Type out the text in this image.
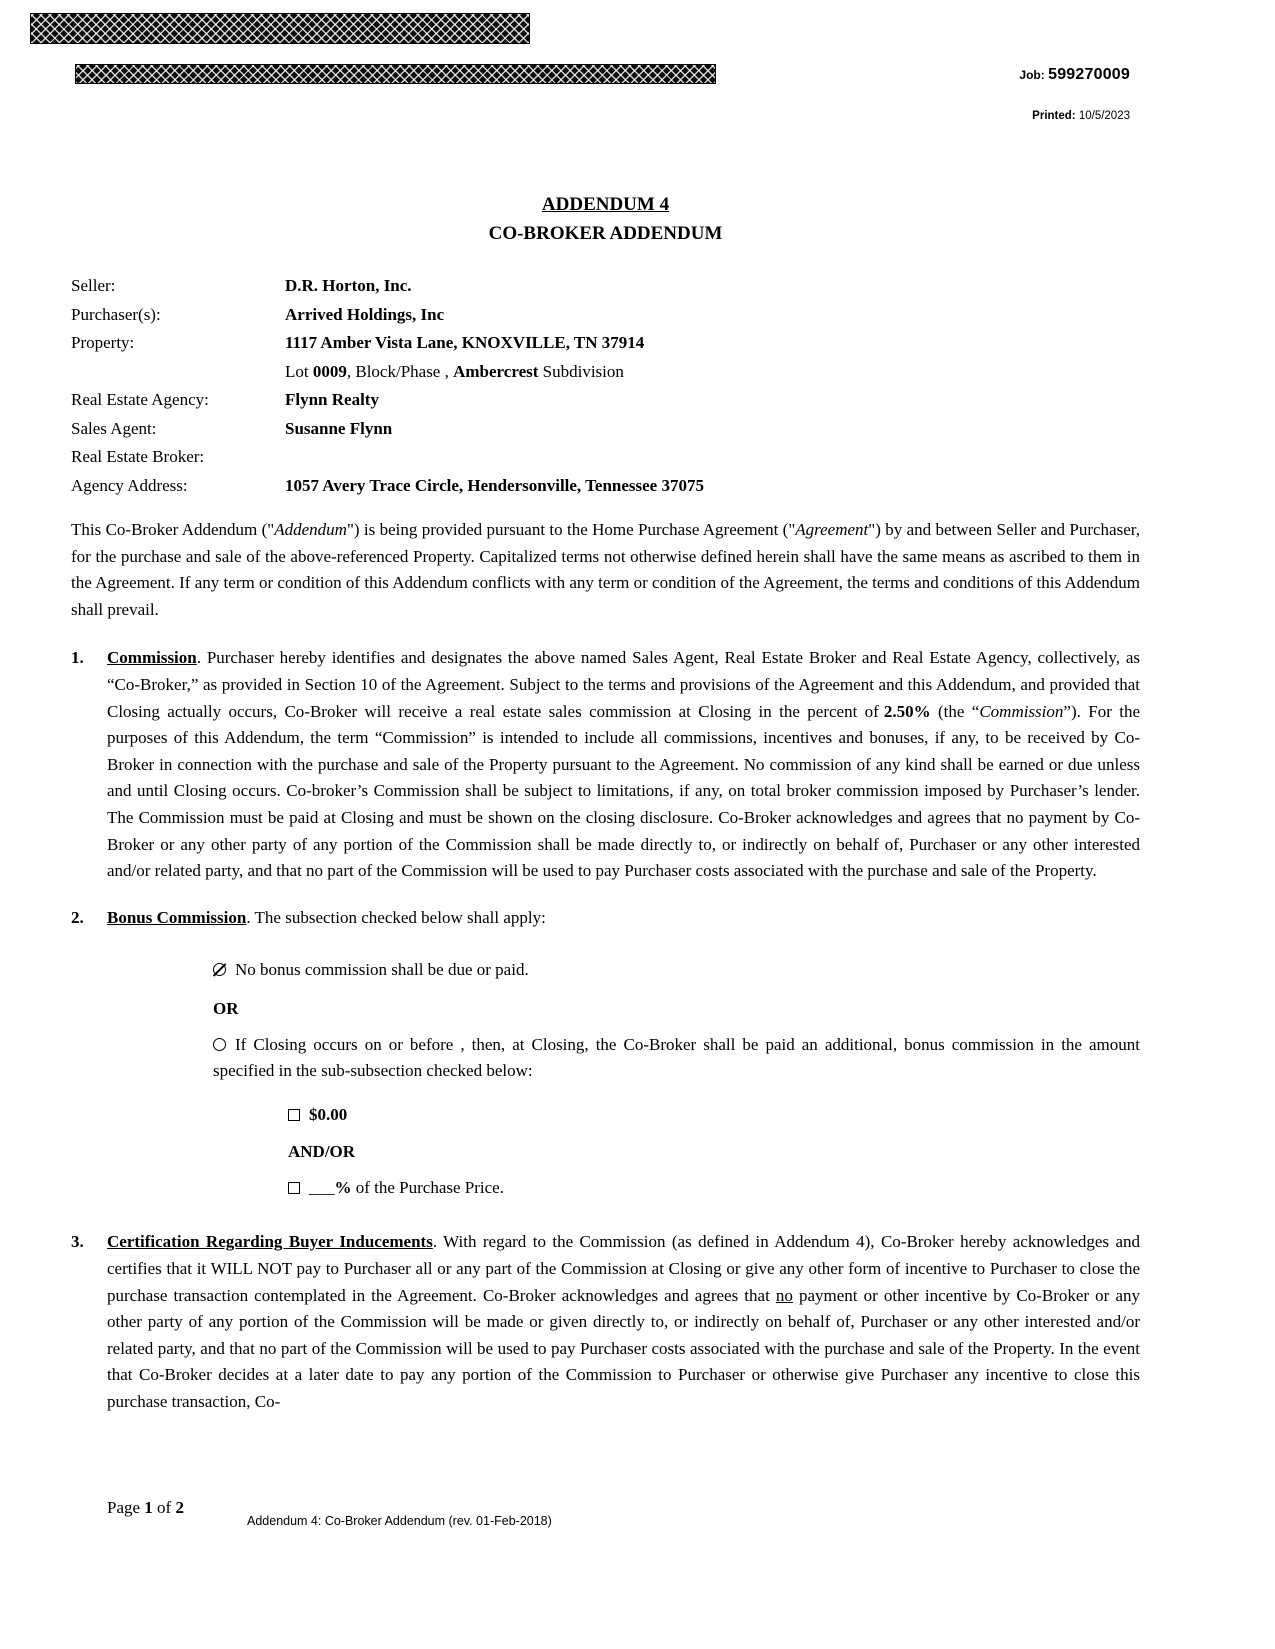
Job: 599270009
Printed: 10/5/2023
ADDENDUM 4
CO-BROKER ADDENDUM
Seller:	D.R. Horton, Inc.
Purchaser(s):	Arrived Holdings, Inc
Property:	1117 Amber Vista Lane, KNOXVILLE, TN 37914
Lot 0009, Block/Phase , Ambercrest Subdivision
Real Estate Agency:	Flynn Realty
Sales Agent:	Susanne Flynn
Real Estate Broker:
Agency Address:	1057 Avery Trace Circle, Hendersonville, Tennessee 37075

This Co-Broker Addendum ("Addendum") is being provided pursuant to the Home Purchase Agreement ("Agreement") by and between Seller and Purchaser, for the purchase and sale of the above-referenced Property. Capitalized terms not otherwise defined herein shall have the same means as ascribed to them in the Agreement. If any term or condition of this Addendum conflicts with any term or condition of the Agreement, the terms and conditions of this Addendum shall prevail.

1.	Commission. Purchaser hereby identifies and designates the above named Sales Agent, Real Estate Broker and Real Estate Agency, collectively, as “Co-Broker,” as provided in Section 10 of the Agreement. Subject to the terms and provisions of the Agreement and this Addendum, and provided that Closing actually occurs, Co-Broker will receive a real estate sales commission at Closing in the percent of 2.50% (the “Commission”). For the purposes of this Addendum, the term “Commission” is intended to include all commissions, incentives and bonuses, if any, to be received by Co-Broker in connection with the purchase and sale of the Property pursuant to the Agreement. No commission of any kind shall be earned or due unless and until Closing occurs. Co-broker’s Commission shall be subject to limitations, if any, on total broker commission imposed by Purchaser’s lender. The Commission must be paid at Closing and must be shown on the closing disclosure. Co-Broker acknowledges and agrees that no payment by Co-Broker or any other party of any portion of the Commission shall be made directly to, or indirectly on behalf of, Purchaser or any other interested and/or related party, and that no part of the Commission will be used to pay Purchaser costs associated with the purchase and sale of the Property.
2.	Bonus Commission. The subsection checked below shall apply:

No bonus commission shall be due or paid.

OR

If Closing occurs on or before , then, at Closing, the Co-Broker shall be paid an additional, bonus commission in the amount specified in the sub-subsection checked below:

$0.00

AND/OR

___% of the Purchase Price.

3.	Certification Regarding Buyer Inducements. With regard to the Commission (as defined in Addendum 4), Co-Broker hereby acknowledges and certifies that it WILL NOT pay to Purchaser all or any part of the Commission at Closing or give any other form of incentive to Purchaser to close the purchase transaction contemplated in the Agreement. Co-Broker acknowledges and agrees that no payment or other incentive by Co-Broker or any other party of any portion of the Commission will be made or given directly to, or indirectly on behalf of, Purchaser or any other interested and/or related party, and that no part of the Commission will be used to pay Purchaser costs associated with the purchase and sale of the Property. In the event that Co-Broker decides at a later date to pay any portion of the Commission to Purchaser or otherwise give Purchaser any incentive to close this purchase transaction, Co-
Page 1 of 2
Addendum 4: Co-Broker Addendum (rev. 01-Feb-2018)
